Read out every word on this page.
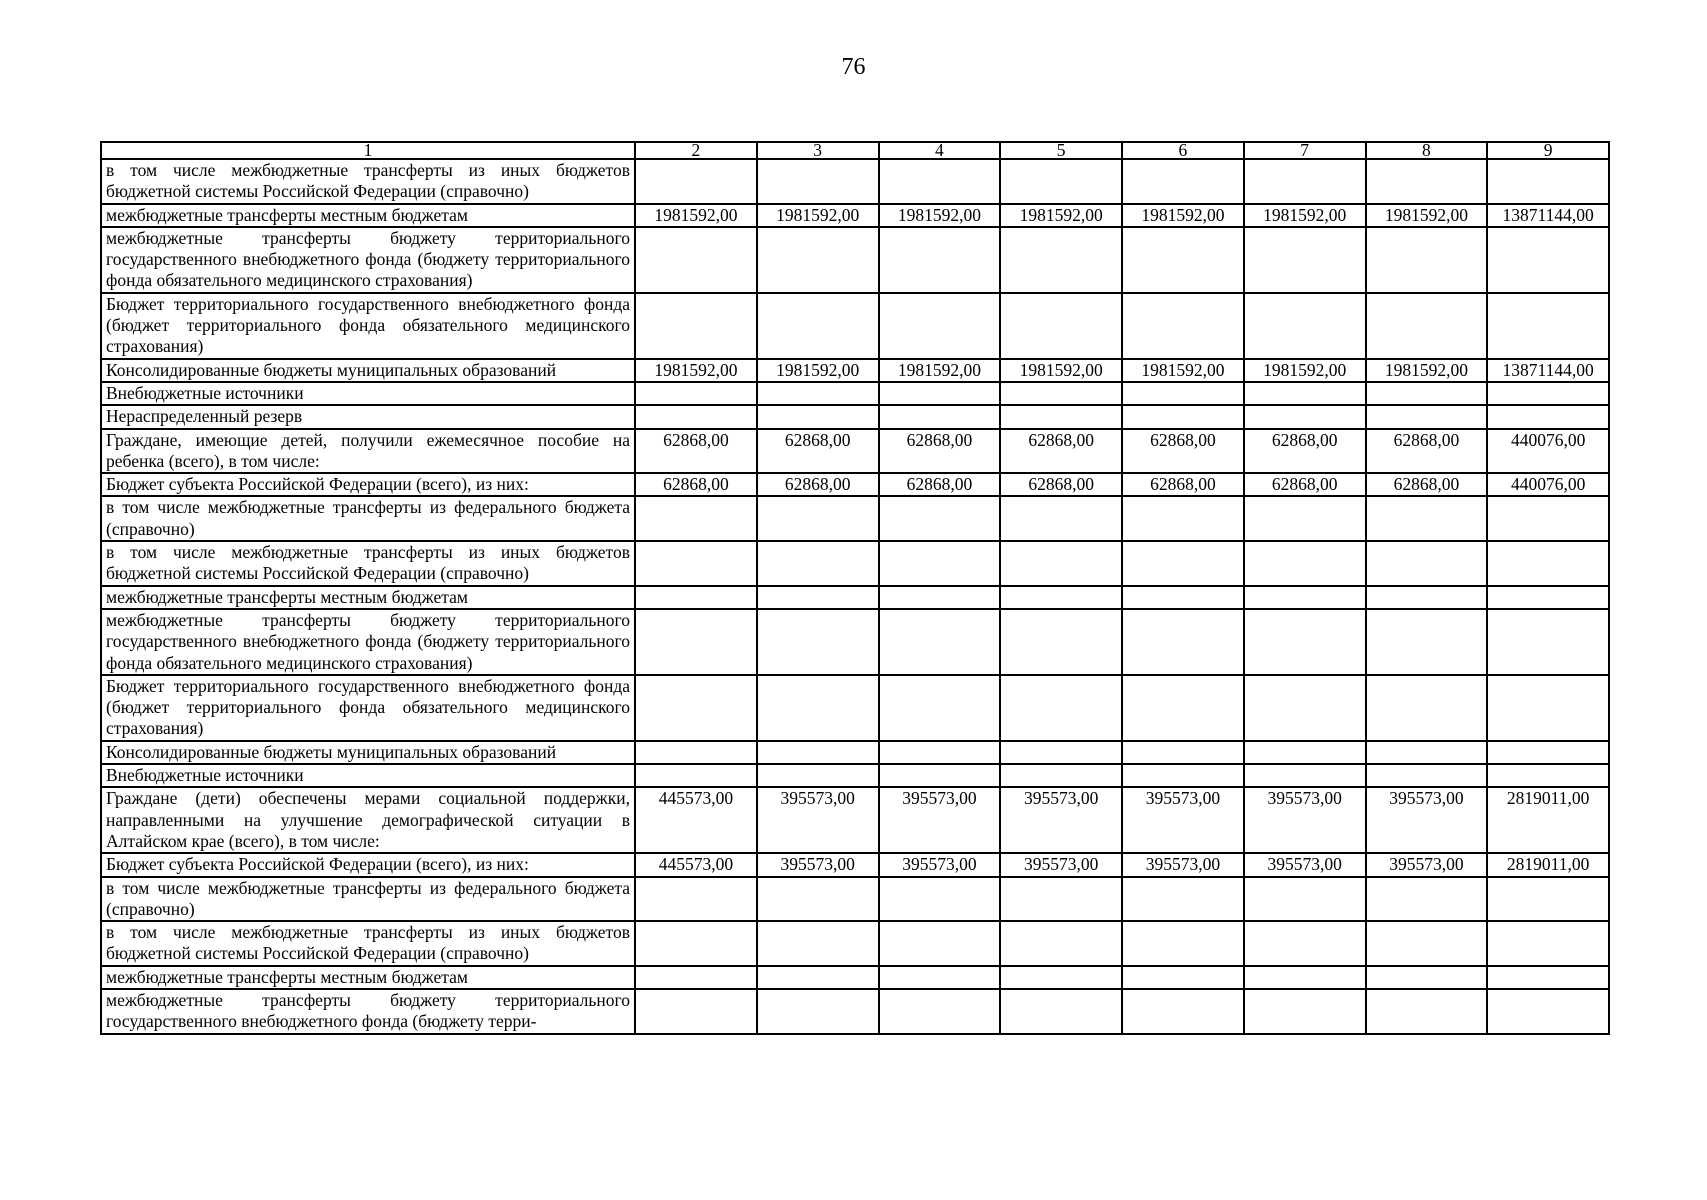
76
1	2	3	4	5	6	7	8	9
в том числе межбюджетные трансферты из иных бюджетов бюджетной системы Российской Федерации (справочно)								
межбюджетные трансферты местным бюджетам	1981592,00	1981592,00	1981592,00	1981592,00	1981592,00	1981592,00	1981592,00	13871144,00
межбюджетные трансферты бюджету территориального государственного внебюджетного фонда (бюджету территориального фонда обязательного медицинского страхования)								
Бюджет территориального государственного внебюджетного фонда (бюджет территориального фонда обязательного медицинского страхования)								
Консолидированные бюджеты муниципальных образований	1981592,00	1981592,00	1981592,00	1981592,00	1981592,00	1981592,00	1981592,00	13871144,00
Внебюджетные источники								
Нераспределенный резерв								
Граждане, имеющие детей, получили ежемесячное пособие на ребенка (всего), в том числе:	62868,00	62868,00	62868,00	62868,00	62868,00	62868,00	62868,00	440076,00
Бюджет субъекта Российской Федерации (всего), из них:	62868,00	62868,00	62868,00	62868,00	62868,00	62868,00	62868,00	440076,00
в том числе межбюджетные трансферты из федерального бюджета (справочно)								
в том числе межбюджетные трансферты из иных бюджетов бюджетной системы Российской Федерации (справочно)								
межбюджетные трансферты местным бюджетам								
межбюджетные трансферты бюджету территориального государственного внебюджетного фонда (бюджету территориального фонда обязательного медицинского страхования)								
Бюджет территориального государственного внебюджетного фонда (бюджет территориального фонда обязательного медицинского страхования)								
Консолидированные бюджеты муниципальных образований								
Внебюджетные источники								
Граждане (дети) обеспечены мерами социальной поддержки, направленными на улучшение демографической ситуации в Алтайском крае (всего), в том числе:	445573,00	395573,00	395573,00	395573,00	395573,00	395573,00	395573,00	2819011,00
Бюджет субъекта Российской Федерации (всего), из них:	445573,00	395573,00	395573,00	395573,00	395573,00	395573,00	395573,00	2819011,00
в том числе межбюджетные трансферты из федерального бюджета (справочно)								
в том числе межбюджетные трансферты из иных бюджетов бюджетной системы Российской Федерации (справочно)								
межбюджетные трансферты местным бюджетам								
межбюджетные трансферты бюджету территориального государственного внебюджетного фонда (бюджету терри-								
